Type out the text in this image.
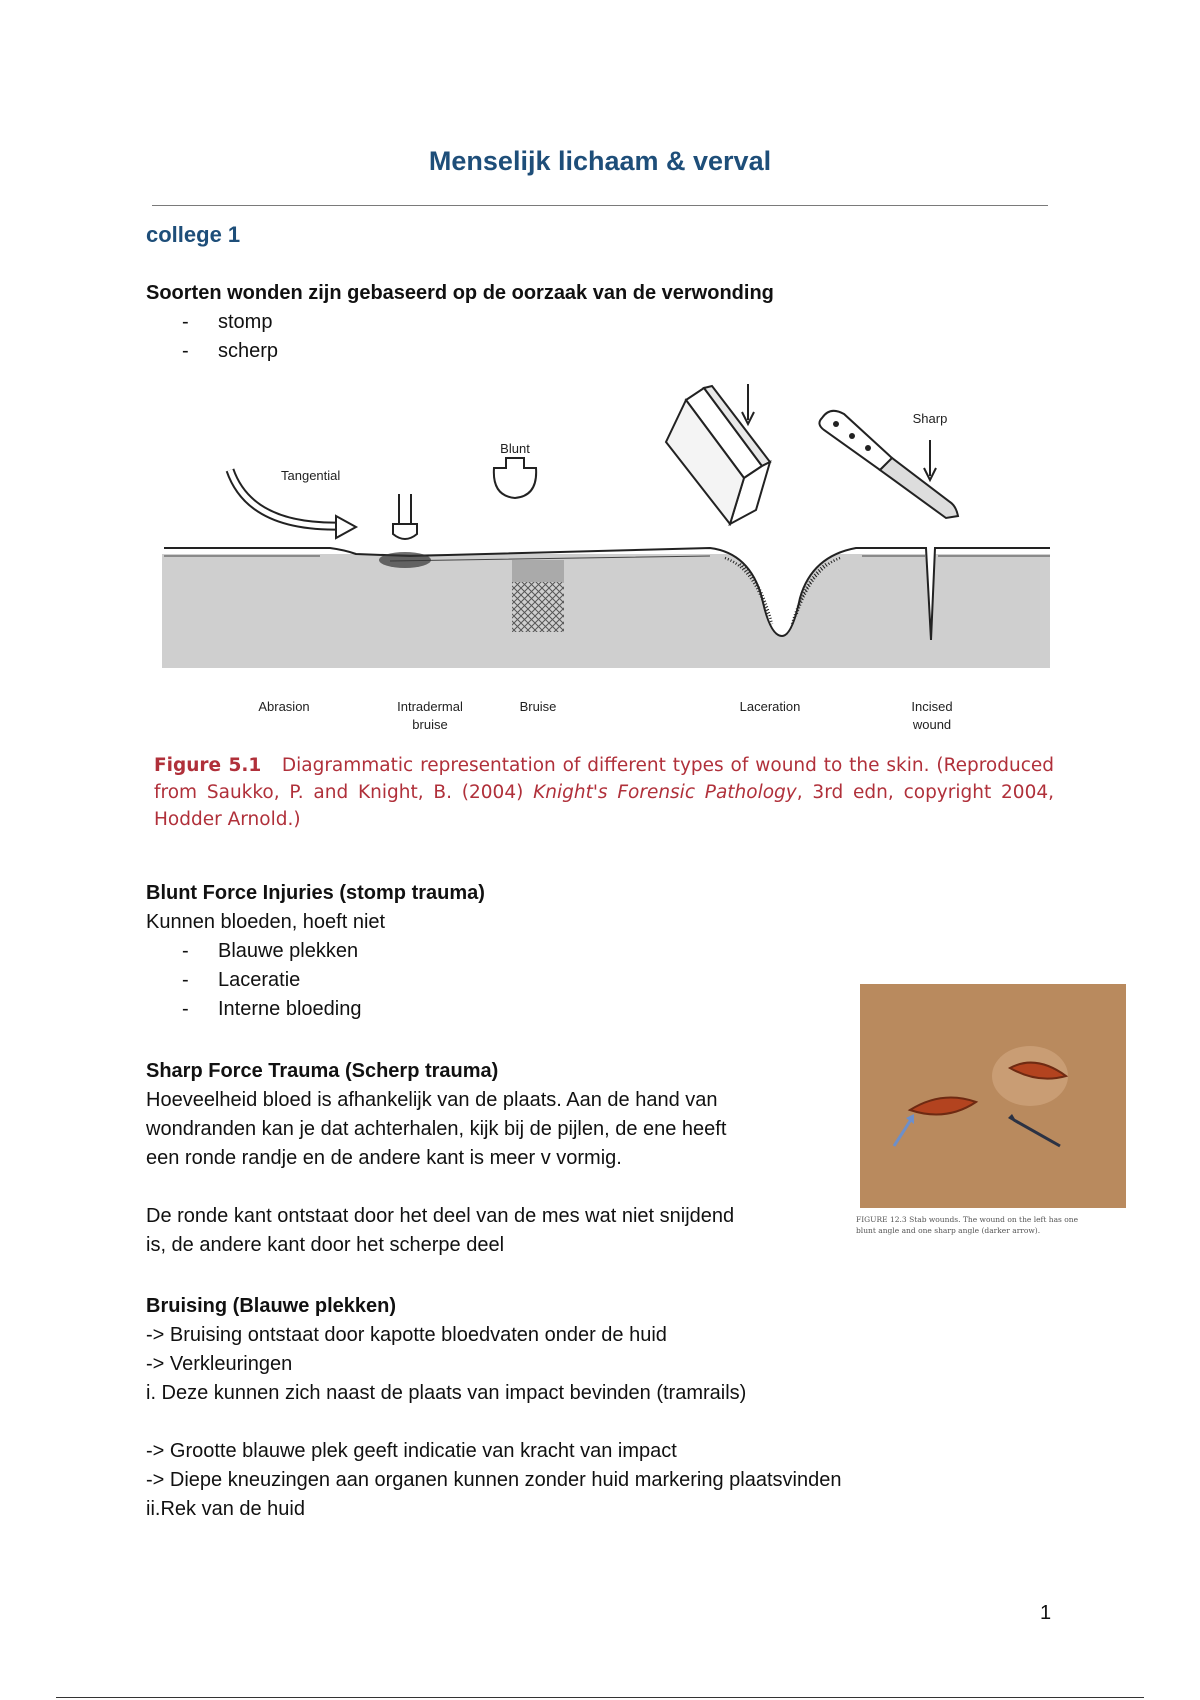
Menselijk lichaam & verval
college 1
Soorten wonden zijn gebaseerd op de oorzaak van de verwonding
- stomp
- scherp
Tangential
Blunt
Sharp
Abrasion	Intradermal
bruise
Bruise	Laceration	Incised
wound
Figure 5.1 Diagrammatic representation of different types of wound to the skin. (Reproduced from Saukko, P. and Knight, B. (2004) Knight's Forensic Pathology, 3rd edn, copyright 2004, Hodder Arnold.)
Blunt Force Injuries (stomp trauma)
Kunnen bloeden, hoeft niet
- Blauwe plekken
- Laceratie
- Interne bloeding
Sharp Force Trauma (Scherp trauma)
Hoeveelheid bloed is afhankelijk van de plaats. Aan de hand van
wondranden kan je dat achterhalen, kijk bij de pijlen, de ene heeft
een ronde randje en de andere kant is meer v vormig.
De ronde kant ontstaat door het deel van de mes wat niet snijdend
is, de andere kant door het scherpe deel
FIGURE 12.3 Stab wounds. The wound on the left has one
blunt angle and one sharp angle (darker arrow).
Bruising (Blauwe plekken)
-> Bruising ontstaat door kapotte bloedvaten onder de huid
-> Verkleuringen
i. Deze kunnen zich naast de plaats van impact bevinden (tramrails)
-> Grootte blauwe plek geeft indicatie van kracht van impact
-> Diepe kneuzingen aan organen kunnen zonder huid markering plaatsvinden
ii.Rek van de huid
1
